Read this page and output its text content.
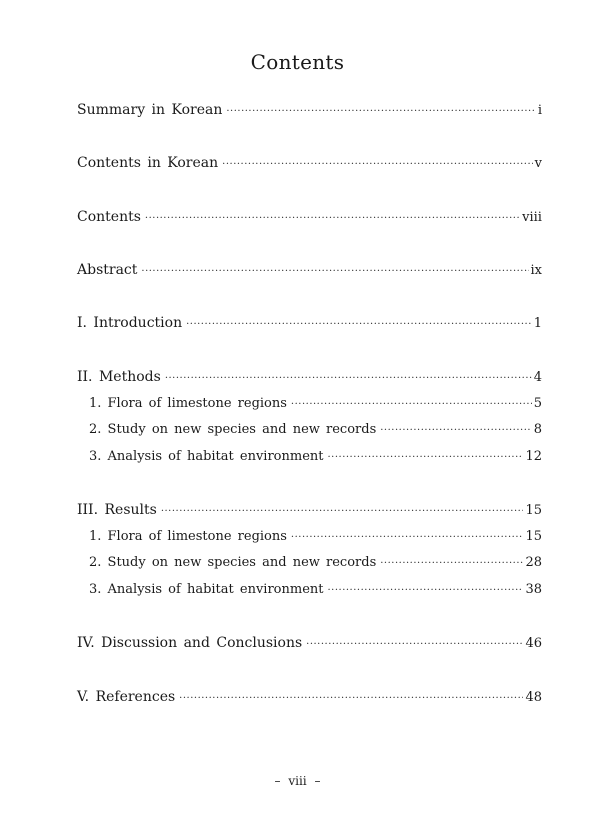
Contents
Summary in Korean ·····	i
Contents in Korean ·····	v
Contents ·····	ⅷ
Abstract ·····	ix
I. Introduction ·····	1
II. Methods ·····	4
1. Flora of limestone regions ·····	5
2. Study on new species and new records ·····	8
3. Analysis of habitat environment ·····	12
III. Results ·····	15
1. Flora of limestone regions ·····	15
2. Study on new species and new records ·····	28
3. Analysis of habitat environment ·····	38
IV. Discussion and Conclusions ·····	46
V. References ·····	48
– ⅷ –
